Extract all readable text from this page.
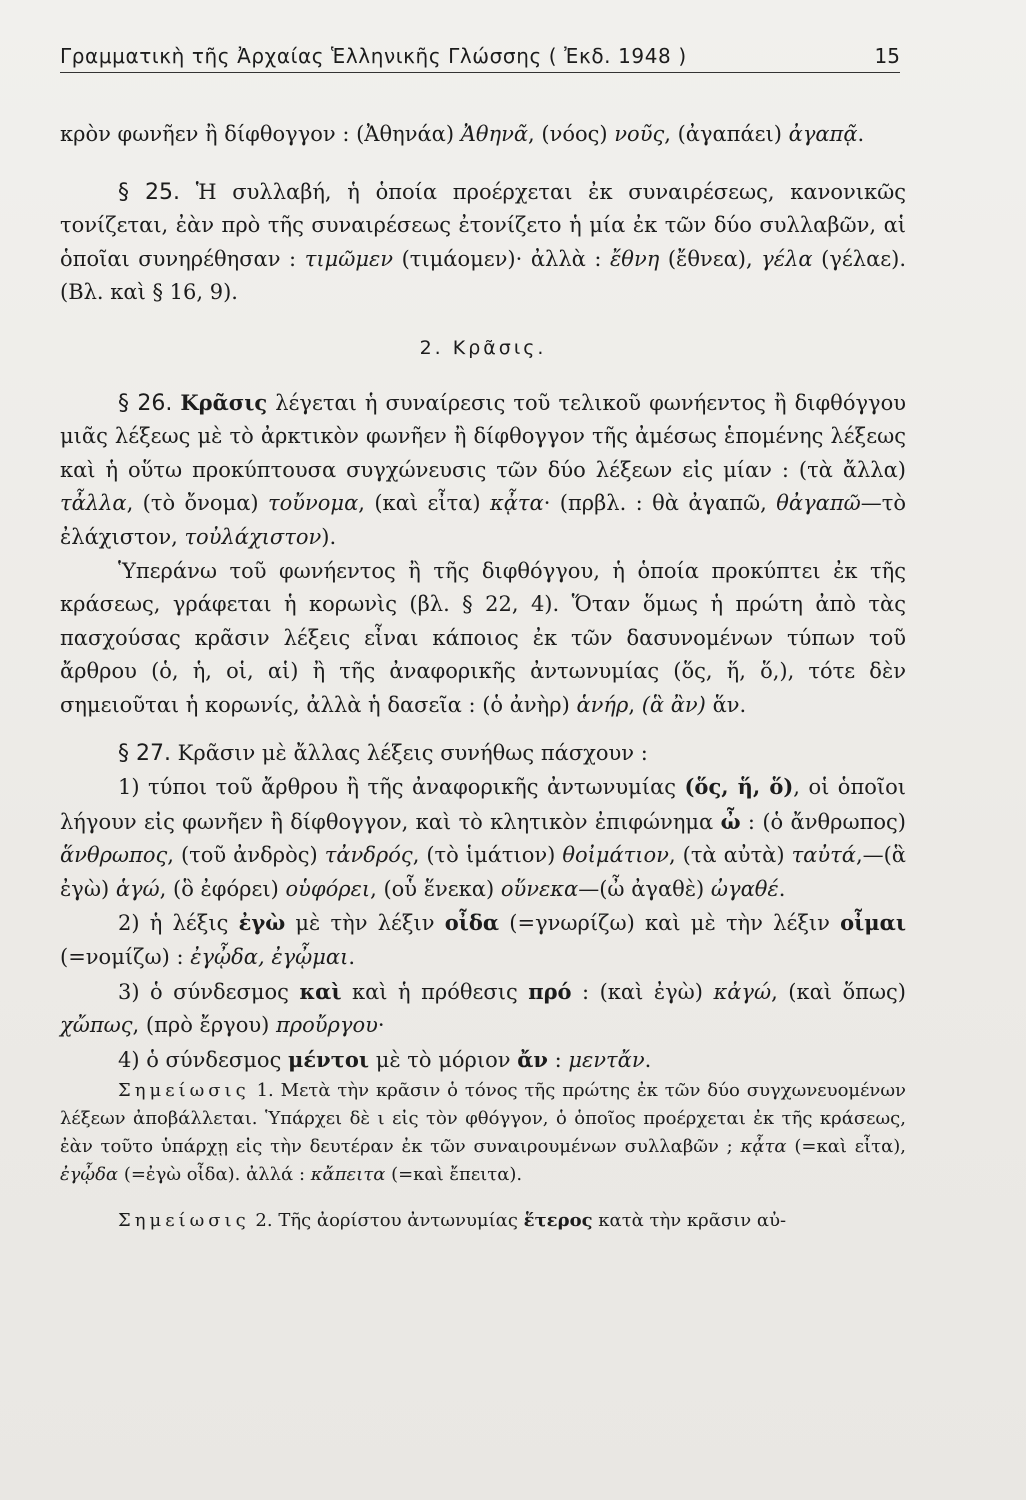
Γραμματικὴ τῆς Ἀρχαίας Ἑλληνικῆς Γλώσσης ( Ἐκδ. 1948 )	15

κρὸν φωνῆεν ἢ δίφθογγον : (Ἀθηνάα) Ἀθηνᾶ, (νόος) νοῦς, (ἀγαπάει) ἀγαπᾷ.

§ 25. Ἡ συλλαβή, ἡ ὁποία προέρχεται ἐκ συναιρέσεως, κανονικῶς τονίζεται, ἐὰν πρὸ τῆς συναιρέσεως ἐτονίζετο ἡ μία ἐκ τῶν δύο συλλαβῶν, αἱ ὁποῖαι συνηρέθησαν : τιμῶμεν (τιμάομεν)· ἀλλὰ : ἔθνη (ἔθνεα), γέλα (γέλαε). (Βλ. καὶ § 16, 9).

2. Κρᾶσις.

§ 26. Κρᾶσις λέγεται ἡ συναίρεσις τοῦ τελικοῦ φωνήεντος ἢ διφθόγγου μιᾶς λέξεως μὲ τὸ ἀρκτικὸν φωνῆεν ἢ δίφθογγον τῆς ἀμέσως ἑπομένης λέξεως καὶ ἡ οὕτω προκύπτουσα συγχώνευσις τῶν δύο λέξεων εἰς μίαν : (τὰ ἄλλα) τἆλλα, (τὸ ὄνομα) τοὔνομα, (καὶ εἶτα) κᾆτα· (πρβλ. : θὰ ἀγαπῶ, θἀγαπῶ—τὸ ἐλάχιστον, τοὐλάχιστον).

Ὑπεράνω τοῦ φωνήεντος ἢ τῆς διφθόγγου, ἡ ὁποία προκύπτει ἐκ τῆς κράσεως, γράφεται ἡ κορωνὶς (βλ. § 22, 4). Ὅταν ὅμως ἡ πρώτη ἀπὸ τὰς πασχούσας κρᾶσιν λέξεις εἶναι κάποιος ἐκ τῶν δασυνομένων τύπων τοῦ ἄρθρου (ὁ, ἡ, οἱ, αἱ) ἢ τῆς ἀναφορικῆς ἀντωνυμίας (ὅς, ἥ, ὅ,), τότε δὲν σημειοῦται ἡ κορωνίς, ἀλλὰ ἡ δασεῖα : (ὁ ἀνὴρ) ἁνήρ, (ἃ ἂν) ἅν.

§ 27. Κρᾶσιν μὲ ἄλλας λέξεις συνήθως πάσχουν :

1) τύποι τοῦ ἄρθρου ἢ τῆς ἀναφορικῆς ἀντωνυμίας (ὅς, ἥ, ὅ), οἱ ὁποῖοι λήγουν εἰς φωνῆεν ἢ δίφθογγον, καὶ τὸ κλητικὸν ἐπιφώνημα ὦ : (ὁ ἄνθρωπος) ἅνθρωπος, (τοῦ ἀνδρὸς) τἀνδρός, (τὸ ἱμάτιον) θοἰμάτιον, (τὰ αὐτὰ) ταὐτά,—(ἃ ἐγὼ) ἁγώ, (ὃ ἐφόρει) οὑφόρει, (οὗ ἕνεκα) οὕνεκα—(ὦ ἀγαθὲ) ὠγαθέ.

2) ἡ λέξις ἐγὼ μὲ τὴν λέξιν οἶδα (=γνωρίζω) καὶ μὲ τὴν λέξιν οἶμαι (=νομίζω) : ἐγᾦδα, ἐγᾦμαι.

3) ὁ σύνδεσμος καὶ καὶ ἡ πρόθεσις πρό : (καὶ ἐγὼ) κἀγώ, (καὶ ὅπως) χὤπως, (πρὸ ἔργου) προὔργου·

4) ὁ σύνδεσμος μέντοι μὲ τὸ μόριον ἄν : μεντἄν.

Σημείωσις 1. Μετὰ τὴν κρᾶσιν ὁ τόνος τῆς πρώτης ἐκ τῶν δύο συγχωνευομένων λέξεων ἀποβάλλεται. Ὑπάρχει δὲ ι εἰς τὸν φθόγγον, ὁ ὁποῖος προέρχεται ἐκ τῆς κράσεως, ἐὰν τοῦτο ὑπάρχῃ εἰς τὴν δευτέραν ἐκ τῶν συναιρουμένων συλλαβῶν ; κᾆτα (=καὶ εἶτα), ἐγᾦδα (=ἐγὼ οἶδα). ἀλλά : κἄπειτα (=καὶ ἔπειτα).

Σημείωσις 2. Τῆς ἀορίστου ἀντωνυμίας ἕτερος κατὰ τὴν κρᾶσιν αὐ-
